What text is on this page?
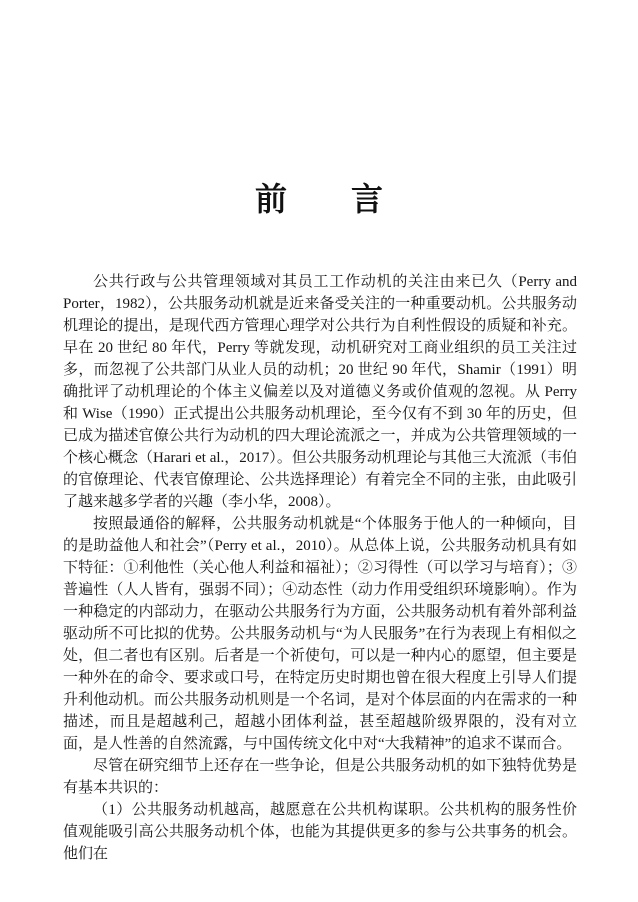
前　　言

公共行政与公共管理领域对其员工工作动机的关注由来已久（Perry and Porter，1982），公共服务动机就是近来备受关注的一种重要动机。公共服务动机理论的提出，是现代西方管理心理学对公共行为自利性假设的质疑和补充。早在 20 世纪 80 年代，Perry 等就发现，动机研究对工商业组织的员工关注过多，而忽视了公共部门从业人员的动机；20 世纪 90 年代，Shamir（1991）明确批评了动机理论的个体主义偏差以及对道德义务或价值观的忽视。从 Perry 和 Wise（1990）正式提出公共服务动机理论，至今仅有不到 30 年的历史，但已成为描述官僚公共行为动机的四大理论流派之一，并成为公共管理领域的一个核心概念（Harari et al.，2017）。但公共服务动机理论与其他三大流派（韦伯的官僚理论、代表官僚理论、公共选择理论）有着完全不同的主张，由此吸引了越来越多学者的兴趣（李小华，2008）。

按照最通俗的解释，公共服务动机就是“个体服务于他人的一种倾向，目的是助益他人和社会”（Perry et al.，2010）。从总体上说，公共服务动机具有如下特征：①利他性（关心他人利益和福祉）；②习得性（可以学习与培育）；③普遍性（人人皆有，强弱不同）；④动态性（动力作用受组织环境影响）。作为一种稳定的内部动力，在驱动公共服务行为方面，公共服务动机有着外部利益驱动所不可比拟的优势。公共服务动机与“为人民服务”在行为表现上有相似之处，但二者也有区别。后者是一个祈使句，可以是一种内心的愿望，但主要是一种外在的命令、要求或口号，在特定历史时期也曾在很大程度上引导人们提升利他动机。而公共服务动机则是一个名词，是对个体层面的内在需求的一种描述，而且是超越利己，超越小团体利益，甚至超越阶级界限的，没有对立面，是人性善的自然流露，与中国传统文化中对“大我精神”的追求不谋而合。

尽管在研究细节上还存在一些争论，但是公共服务动机的如下独特优势是有基本共识的：

（1）公共服务动机越高，越愿意在公共机构谋职。公共机构的服务性价值观能吸引高公共服务动机个体，也能为其提供更多的参与公共事务的机会。他们在
